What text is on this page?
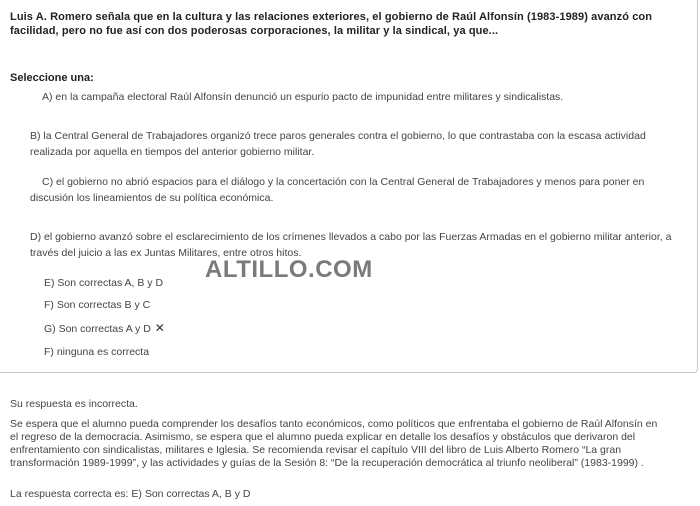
Luis A. Romero señala que en la cultura y las relaciones exteriores, el gobierno de Raúl Alfonsín (1983-1989) avanzó con facilidad, pero no fue así con dos poderosas corporaciones, la militar y la sindical, ya que...
Seleccione una:
A) en la campaña electoral Raúl Alfonsín denunció un espurio pacto de impunidad entre militares y sindicalistas.
B) la Central General de Trabajadores organizó trece paros generales contra el gobierno, lo que contrastaba con la escasa actividad realizada por aquella en tiempos del anterior gobierno militar.
C) el gobierno no abrió espacios para el diálogo y la concertación con la Central General de Trabajadores y menos para poner en discusión los lineamientos de su política económica.
D) el gobierno avanzó sobre el esclarecimiento de los crímenes llevados a cabo por las Fuerzas Armadas en el gobierno militar anterior, a través del juicio a las ex Juntas Militares, entre otros hitos.
E) Son correctas A, B y D
F) Son correctas B y C
G) Son correctas A y D ✕
F) ninguna es correcta
ALTILLO.COM
Su respuesta es incorrecta.
Se espera que el alumno pueda comprender los desafíos tanto económicos, como políticos que enfrentaba el gobierno de Raúl Alfonsín en el regreso de la democracia. Asimismo, se espera que el alumno pueda explicar en detalle los desafíos y obstáculos que derivaron del enfrentamiento con sindicalistas, militares e Iglesia. Se recomienda revisar el capítulo VIII del libro de Luis Alberto Romero “La gran transformación 1989-1999”, y las actividades y guías de la Sesión 8: “De la recuperación democrática al triunfo neoliberal” (1983-1999) .
La respuesta correcta es: E) Son correctas A, B y D
